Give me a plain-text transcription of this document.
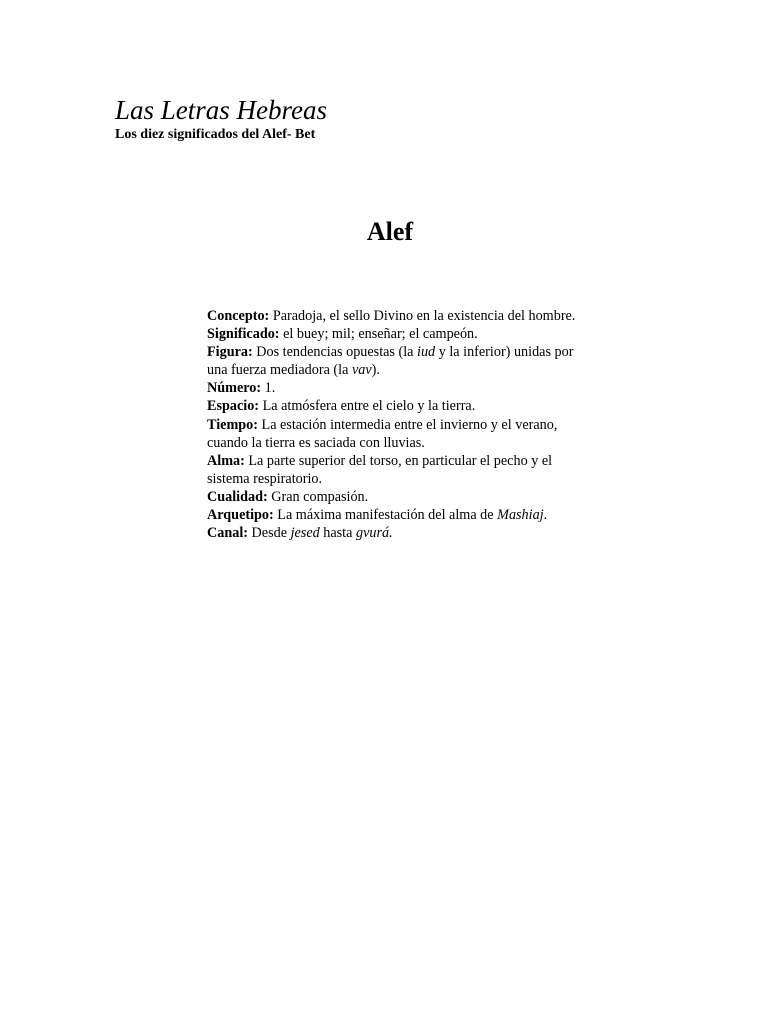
Las Letras Hebreas

Los diez significados del Alef- Bet

Alef

Concepto: Paradoja, el sello Divino en la existencia del hombre.

Significado: el buey; mil; enseñar; el campeón.

Figura: Dos tendencias opuestas (la iud y la inferior) unidas por una fuerza mediadora (la vav).

Número: 1.

Espacio: La atmósfera entre el cielo y la tierra.

Tiempo: La estación intermedia entre el invierno y el verano, cuando la tierra es saciada con lluvias.

Alma: La parte superior del torso, en particular el pecho y el sistema respiratorio.

Cualidad: Gran compasión.

Arquetipo: La máxima manifestación del alma de Mashiaj.

Canal: Desde jesed hasta gvurá.
